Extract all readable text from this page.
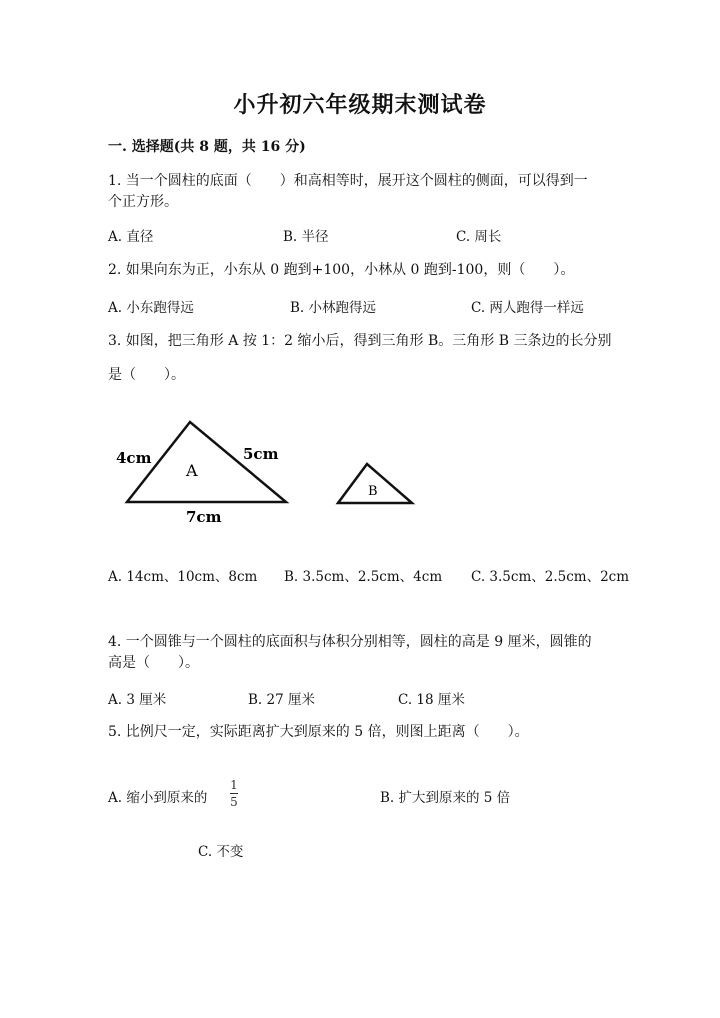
小升初六年级期末测试卷
一. 选择题(共 8 题，共 16 分)
1. 当一个圆柱的底面（　　）和高相等时，展开这个圆柱的侧面，可以得到一
个正方形。
A. 直径	B. 半径	C. 周长
2. 如果向东为正，小东从 0 跑到+100，小林从 0 跑到-100，则（　　）。
A. 小东跑得远	B. 小林跑得远	C. 两人跑得一样远
3. 如图，把三角形 A 按 1：2 缩小后，得到三角形 B。三角形 B 三条边的长分别
是（　　）。
4cm	5cm
7cm
A
B
A. 14cm、10cm、8cm B. 3.5cm、2.5cm、4cm C. 3.5cm、2.5cm、2cm
4. 一个圆锥与一个圆柱的底面积与体积分别相等，圆柱的高是 9 厘米，圆锥的
高是（　　）。
A. 3 厘米	B. 27 厘米	C. 18 厘米
5. 比例尺一定，实际距离扩大到原来的 5 倍，则图上距离（　　）。
A. 缩小到原来的
1
5	B. 扩大到原来的 5 倍
C. 不变
